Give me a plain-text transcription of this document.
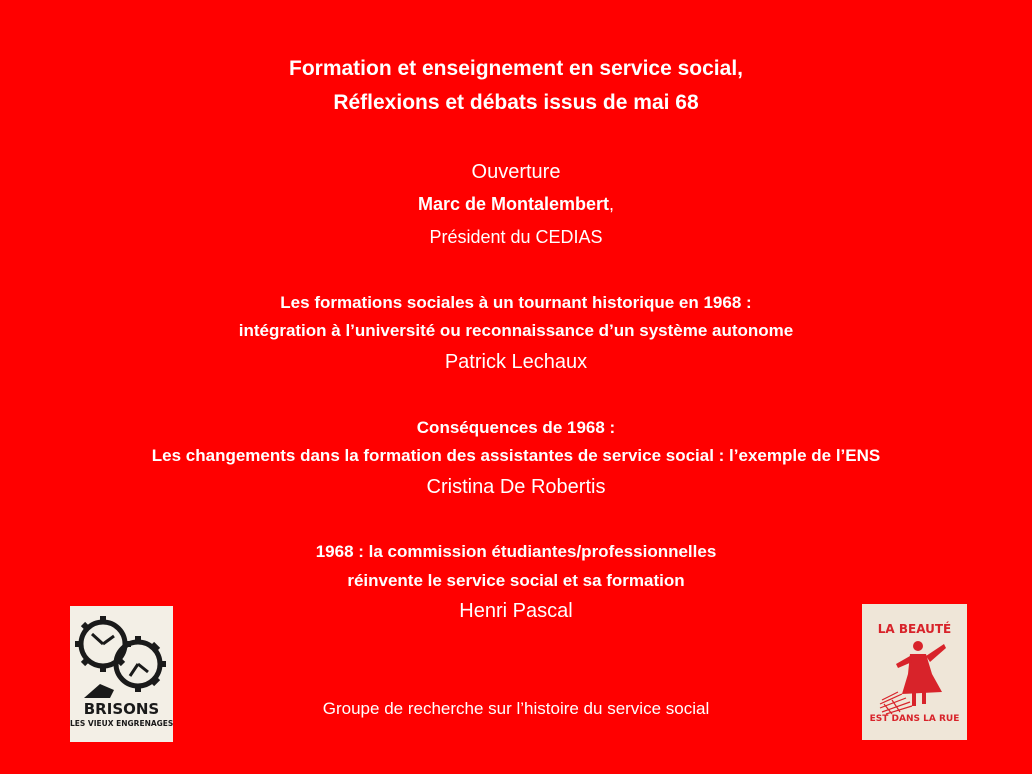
Formation et enseignement en service social,
Réflexions et débats issus de mai 68
Ouverture
Marc de Montalembert,
Président du CEDIAS
Les formations sociales à un tournant historique en 1968 :
intégration à l’université ou reconnaissance d’un système autonome
Patrick Lechaux
Conséquences de 1968 :
Les changements dans la formation des assistantes de service social : l’exemple de l’ENS
Cristina De Robertis
1968 : la commission étudiantes/professionnelles
réinvente le service social et sa formation
Henri Pascal
Groupe de recherche sur l’histoire du service social
BRISONS
LES VIEUX ENGRENAGES
LA BEAUTÉ
EST DANS LA RUE
